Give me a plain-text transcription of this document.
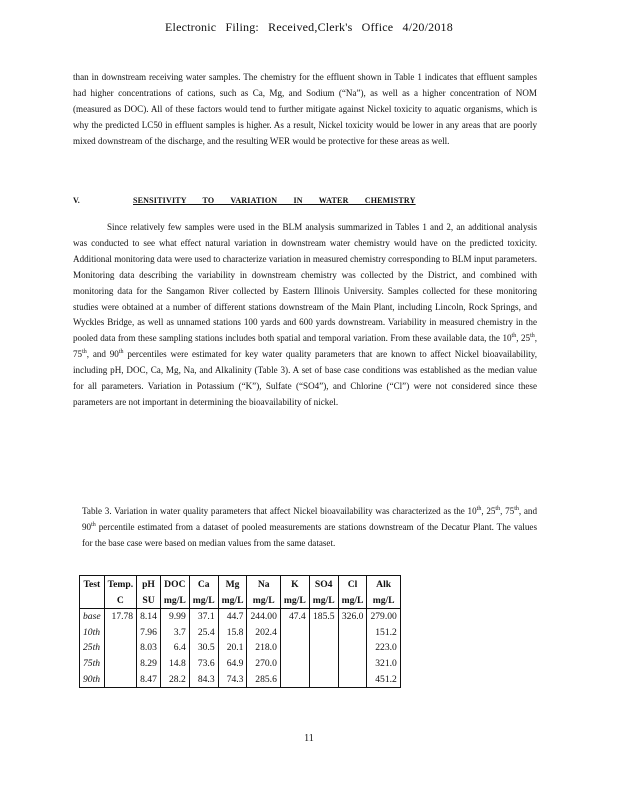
Electronic Filing: Received,Clerk's Office 4/20/2018

than in downstream receiving water samples. The chemistry for the effluent shown in Table 1 indicates that effluent samples had higher concentrations of cations, such as Ca, Mg, and Sodium (“Na”), as well as a higher concentration of NOM (measured as DOC). All of these factors would tend to further mitigate against Nickel toxicity to aquatic organisms, which is why the predicted LC50 in effluent samples is higher. As a result, Nickel toxicity would be lower in any areas that are poorly mixed downstream of the discharge, and the resulting WER would be protective for these areas as well.

V.	SENSITIVITY TO VARIATION IN WATER CHEMISTRY

Since relatively few samples were used in the BLM analysis summarized in Tables 1 and 2, an additional analysis was conducted to see what effect natural variation in downstream water chemistry would have on the predicted toxicity. Additional monitoring data were used to characterize variation in measured chemistry corresponding to BLM input parameters. Monitoring data describing the variability in downstream chemistry was collected by the District, and combined with monitoring data for the Sangamon River collected by Eastern Illinois University. Samples collected for these monitoring studies were obtained at a number of different stations downstream of the Main Plant, including Lincoln, Rock Springs, and Wyckles Bridge, as well as unnamed stations 100 yards and 600 yards downstream. Variability in measured chemistry in the pooled data from these sampling stations includes both spatial and temporal variation. From these available data, the 10th, 25th, 75th, and 90th percentiles were estimated for key water quality parameters that are known to affect Nickel bioavailability, including pH, DOC, Ca, Mg, Na, and Alkalinity (Table 3). A set of base case conditions was established as the median value for all parameters. Variation in Potassium (“K”), Sulfate (“SO4”), and Chlorine (“Cl”) were not considered since these parameters are not important in determining the bioavailability of nickel.

Table 3. Variation in water quality parameters that affect Nickel bioavailability was characterized as the 10th, 25th, 75th, and 90th percentile estimated from a dataset of pooled measurements are stations downstream of the Decatur Plant. The values for the base case were based on median values from the same dataset.

Test	Temp.	pH	DOC	Ca	Mg	Na	K	SO4	Cl	Alk
	C	SU	mg/L	mg/L	mg/L	mg/L	mg/L	mg/L	mg/L	mg/L
base	17.78	8.14	9.99	37.1	44.7	244.00	47.4	185.5	326.0	279.00
10th		7.96	3.7	25.4	15.8	202.4				151.2
25th		8.03	6.4	30.5	20.1	218.0				223.0
75th		8.29	14.8	73.6	64.9	270.0				321.0
90th		8.47	28.2	84.3	74.3	285.6				451.2
11
